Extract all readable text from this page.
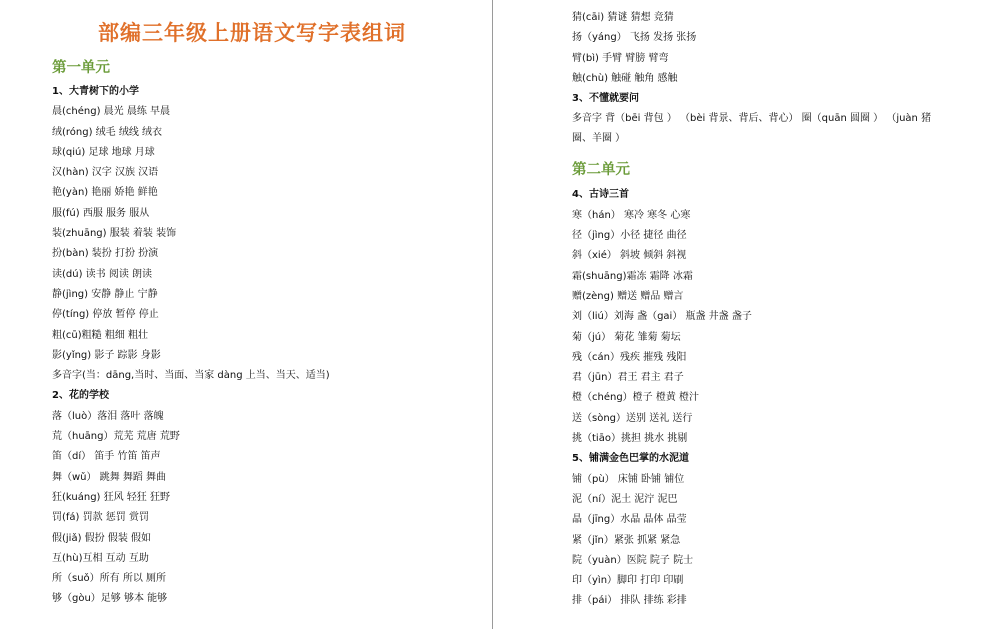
部编三年级上册语文写字表组词
第一单元
1、大青树下的小学
晨(chéng) 晨光 晨练 早晨
绒(róng) 绒毛 绒线 绒衣
球(qiú) 足球 地球 月球
汉(hàn) 汉字 汉族 汉语
艳(yàn) 艳丽 娇艳 鲜艳
服(fú) 西服 服务 服从
装(zhuāng) 服装 着装 装饰
扮(bàn) 装扮 打扮 扮演
读(dú) 读书 阅读 朗读
静(jìng) 安静 静止 宁静
停(tíng) 停放 暂停 停止
粗(cū)粗糙 粗细 粗壮
影(yǐng) 影子 踪影 身影
多音字(当：dāng,当时、当面、当家 dàng 上当、当天、适当)
2、花的学校
落（luò）落泪 落叶 落魄
荒（huāng）荒芜 荒唐 荒野
笛（dí） 笛手 竹笛 笛声
舞（wǔ） 跳舞 舞蹈 舞曲
狂(kuáng) 狂风 轻狂 狂野
罚(fá) 罚款 惩罚 赏罚
假(jiǎ) 假扮 假装 假如
互(hù)互相 互动 互助
所（suǒ）所有 所以 厕所
够（gòu）足够 够本 能够
猜(cāi) 猜谜 猜想 竞猜
扬（yáng） 飞扬 发扬 张扬
臂(bì) 手臂 臂膀 臂弯
触(chù) 触碰 触角 感触
3、不懂就要问
多音字 背（bēi 背包 ） （bèi 背景、背后、背心） 圈（quān 圆圈 ） （juàn 猪圈、羊圈 ）
第二单元
4、古诗三首
寒（hán） 寒冷 寒冬 心寒
径（jìng）小径 捷径 曲径
斜（xié） 斜坡 倾斜 斜视
霜(shuāng)霜冻 霜降 冰霜
赠(zèng) 赠送 赠品 赠言
刘（liú）刘海 盏（gai） 瓶盏 井盏 盏子
菊（jú） 菊花 雏菊 菊坛
残（cán）残疾 摧残 残阳
君（jūn）君王 君主 君子
橙（chéng）橙子 橙黄 橙汁
送（sòng）送别 送礼 送行
挑（tiāo）挑担 挑水 挑剔
5、铺满金色巴掌的水泥道
铺（pù） 床铺 卧铺 铺位
泥（ní）泥土 泥泞 泥巴
晶（jīng）水晶 晶体 晶莹
紧（jǐn）紧张 抓紧 紧急
院（yuàn）医院 院子 院士
印（yìn）脚印 打印 印刷
排（pái） 排队 排练 彩排
